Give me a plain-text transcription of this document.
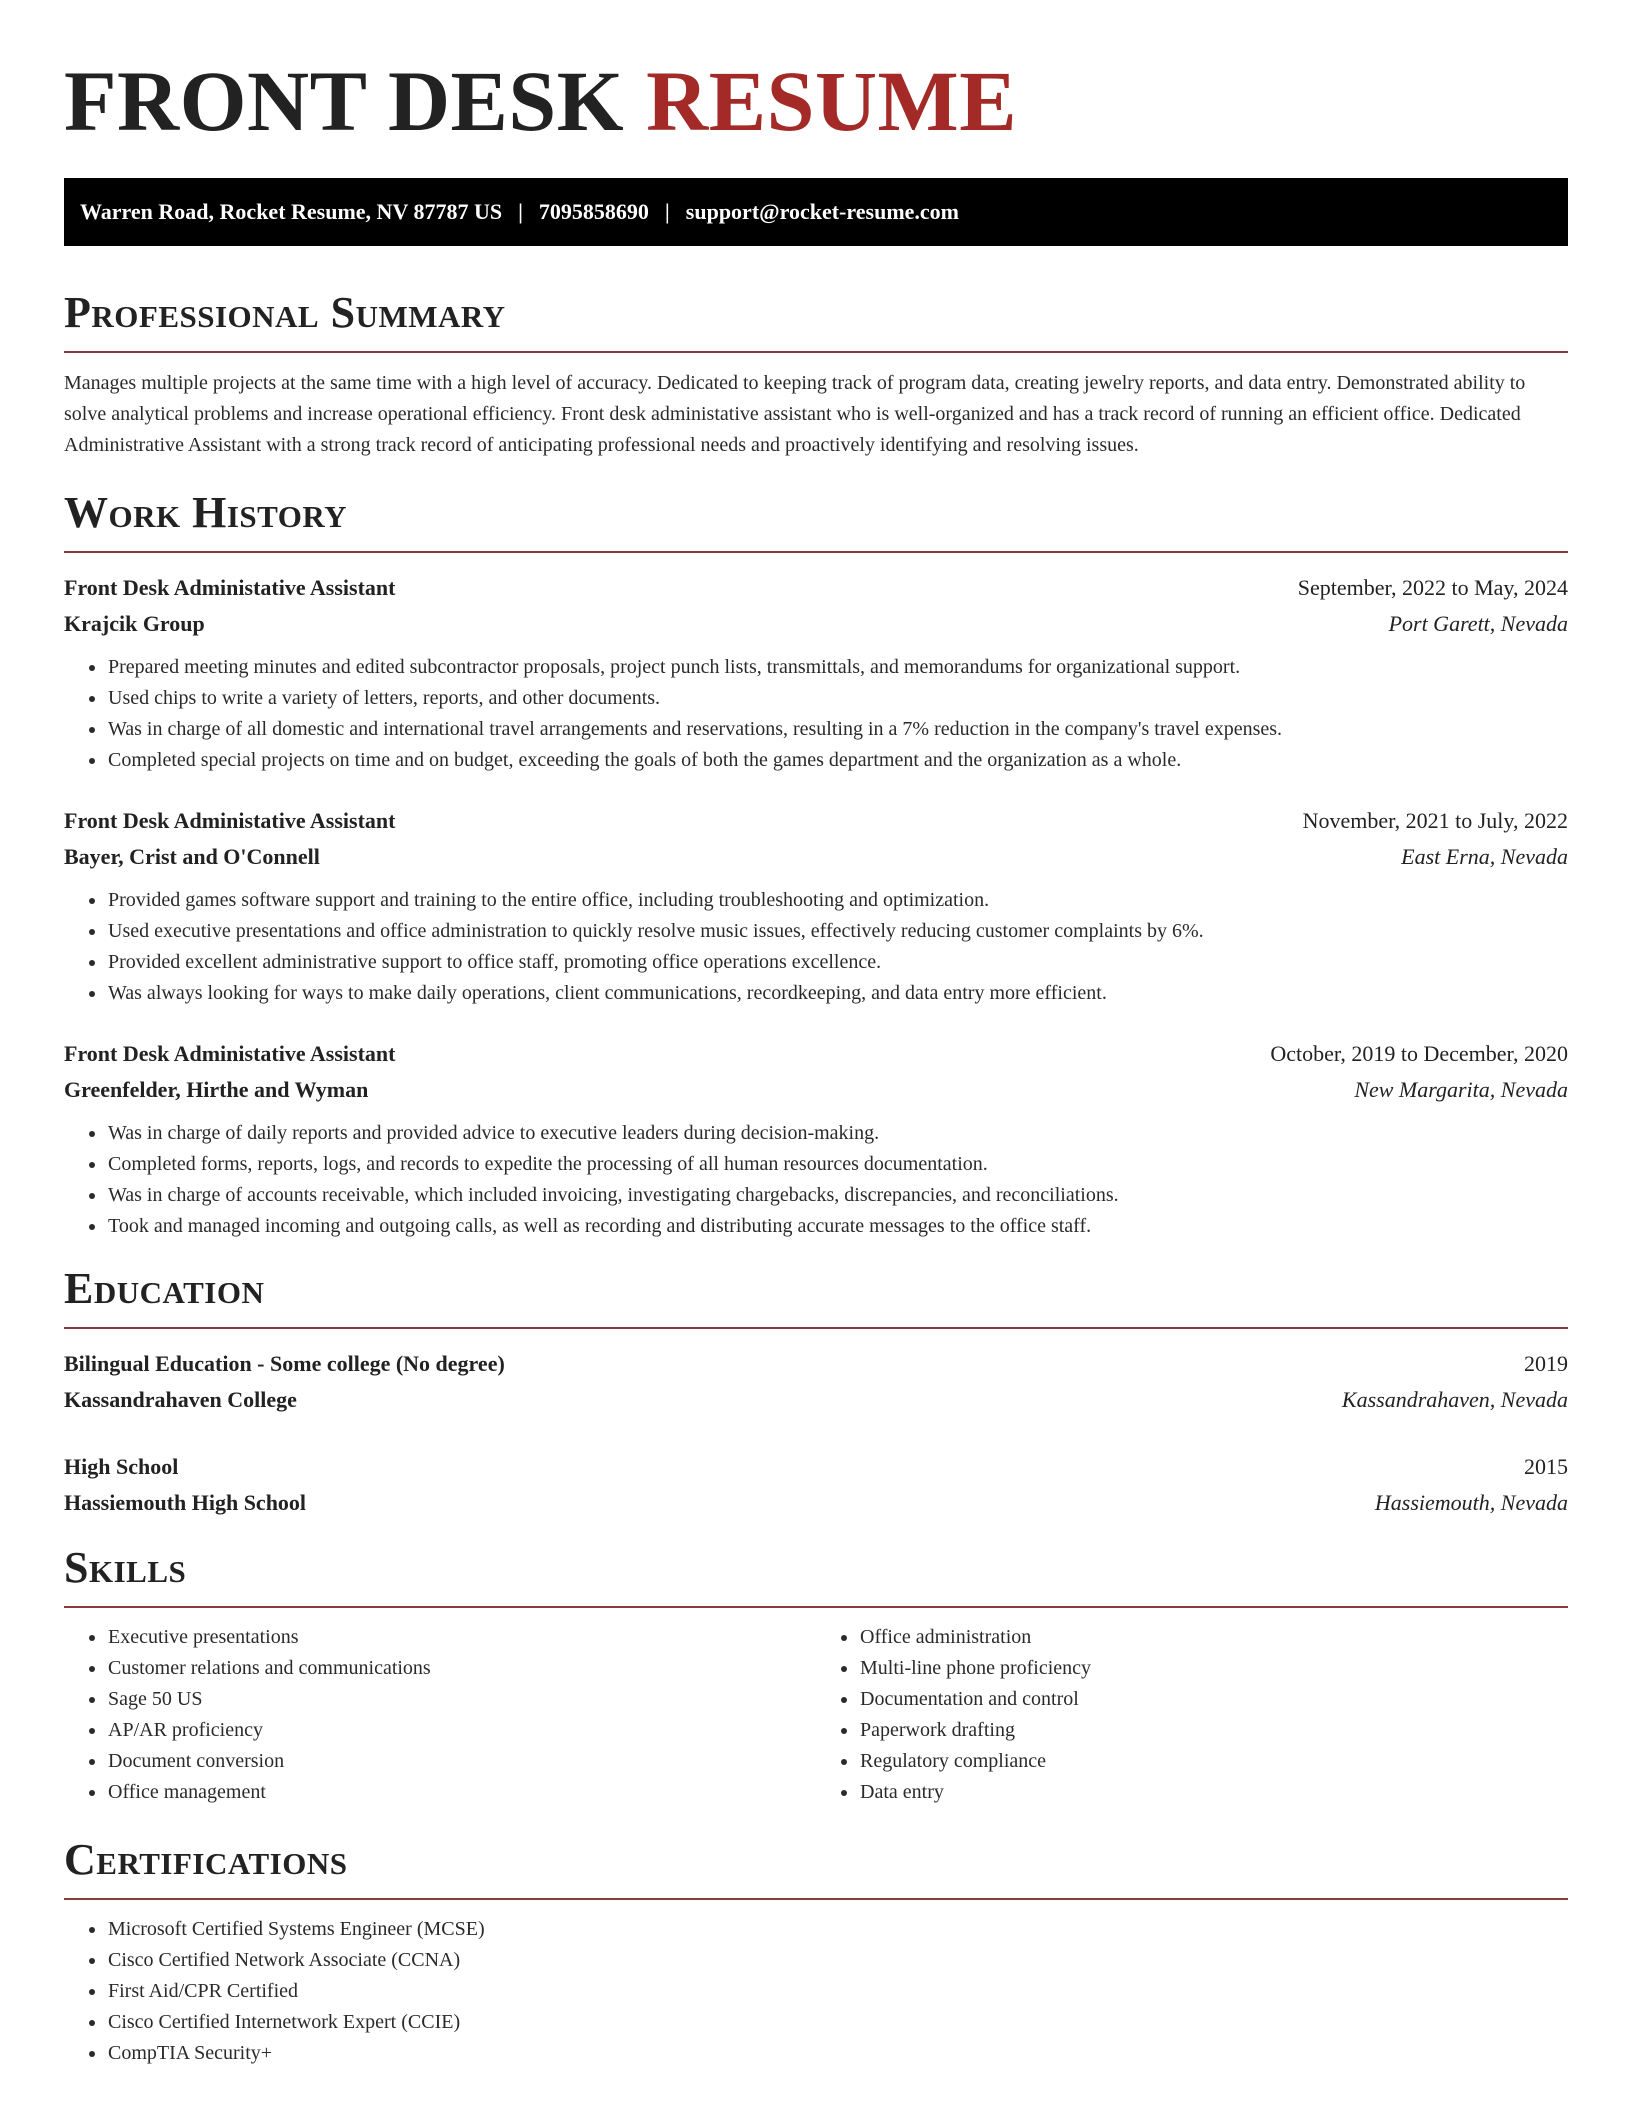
FRONT DESK RESUME
Warren Road, Rocket Resume, NV 87787 US | 7095858690 | support@rocket-resume.com
Professional Summary

Manages multiple projects at the same time with a high level of accuracy. Dedicated to keeping track of program data, creating jewelry reports, and data entry. Demonstrated ability to solve analytical problems and increase operational efficiency. Front desk administative assistant who is well-organized and has a track record of running an efficient office. Dedicated Administrative Assistant with a strong track record of anticipating professional needs and proactively identifying and resolving issues.

Work History
Front Desk Administative Assistant	September, 2022 to May, 2024
Krajcik Group	Port Garett, Nevada
• Prepared meeting minutes and edited subcontractor proposals, project punch lists, transmittals, and memorandums for organizational support.
• Used chips to write a variety of letters, reports, and other documents.
• Was in charge of all domestic and international travel arrangements and reservations, resulting in a 7% reduction in the company's travel expenses.
• Completed special projects on time and on budget, exceeding the goals of both the games department and the organization as a whole.
Front Desk Administative Assistant	November, 2021 to July, 2022
Bayer, Crist and O'Connell	East Erna, Nevada
• Provided games software support and training to the entire office, including troubleshooting and optimization.
• Used executive presentations and office administration to quickly resolve music issues, effectively reducing customer complaints by 6%.
• Provided excellent administrative support to office staff, promoting office operations excellence.
• Was always looking for ways to make daily operations, client communications, recordkeeping, and data entry more efficient.
Front Desk Administative Assistant	October, 2019 to December, 2020
Greenfelder, Hirthe and Wyman	New Margarita, Nevada
• Was in charge of daily reports and provided advice to executive leaders during decision-making.
• Completed forms, reports, logs, and records to expedite the processing of all human resources documentation.
• Was in charge of accounts receivable, which included invoicing, investigating chargebacks, discrepancies, and reconciliations.
• Took and managed incoming and outgoing calls, as well as recording and distributing accurate messages to the office staff.
Education
Bilingual Education - Some college (No degree)	2019
Kassandrahaven College	Kassandrahaven, Nevada
High School	2015
Hassiemouth High School	Hassiemouth, Nevada
Skills
• Executive presentations
• Customer relations and communications
• Sage 50 US
• AP/AR proficiency
• Document conversion
• Office management
• Office administration
• Multi-line phone proficiency
• Documentation and control
• Paperwork drafting
• Regulatory compliance
• Data entry
Certifications
• Microsoft Certified Systems Engineer (MCSE)
• Cisco Certified Network Associate (CCNA)
• First Aid/CPR Certified
• Cisco Certified Internetwork Expert (CCIE)
• CompTIA Security+
